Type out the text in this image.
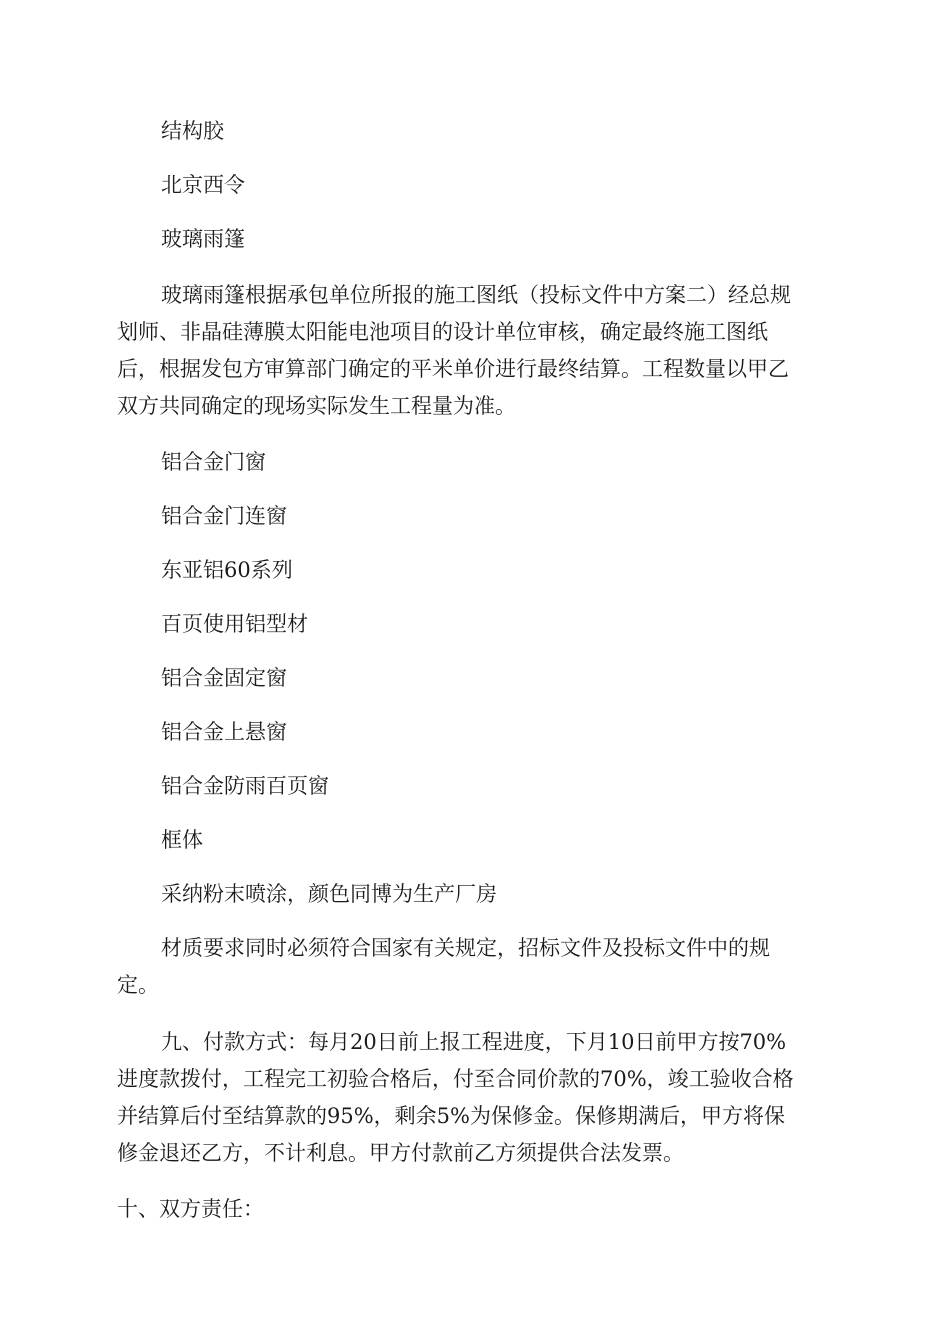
结构胶
北京西令
玻璃雨篷
玻璃雨篷根据承包单位所报的施工图纸（投标文件中方案二）经总规
划师、非晶硅薄膜太阳能电池项目的设计单位审核，确定最终施工图纸
后，根据发包方审算部门确定的平米单价进行最终结算。工程数量以甲乙
双方共同确定的现场实际发生工程量为准。
铝合金门窗
铝合金门连窗
东亚铝60系列
百页使用铝型材
铝合金固定窗
铝合金上悬窗
铝合金防雨百页窗
框体
采纳粉末喷涂，颜色同博为生产厂房
材质要求同时必须符合国家有关规定，招标文件及投标文件中的规
定。
九、付款方式：每月20日前上报工程进度，下月10日前甲方按70%
进度款拨付，工程完工初验合格后，付至合同价款的70%，竣工验收合格
并结算后付至结算款的95%，剩余5%为保修金。保修期满后，甲方将保
修金退还乙方，不计利息。甲方付款前乙方须提供合法发票。
十、双方责任：
